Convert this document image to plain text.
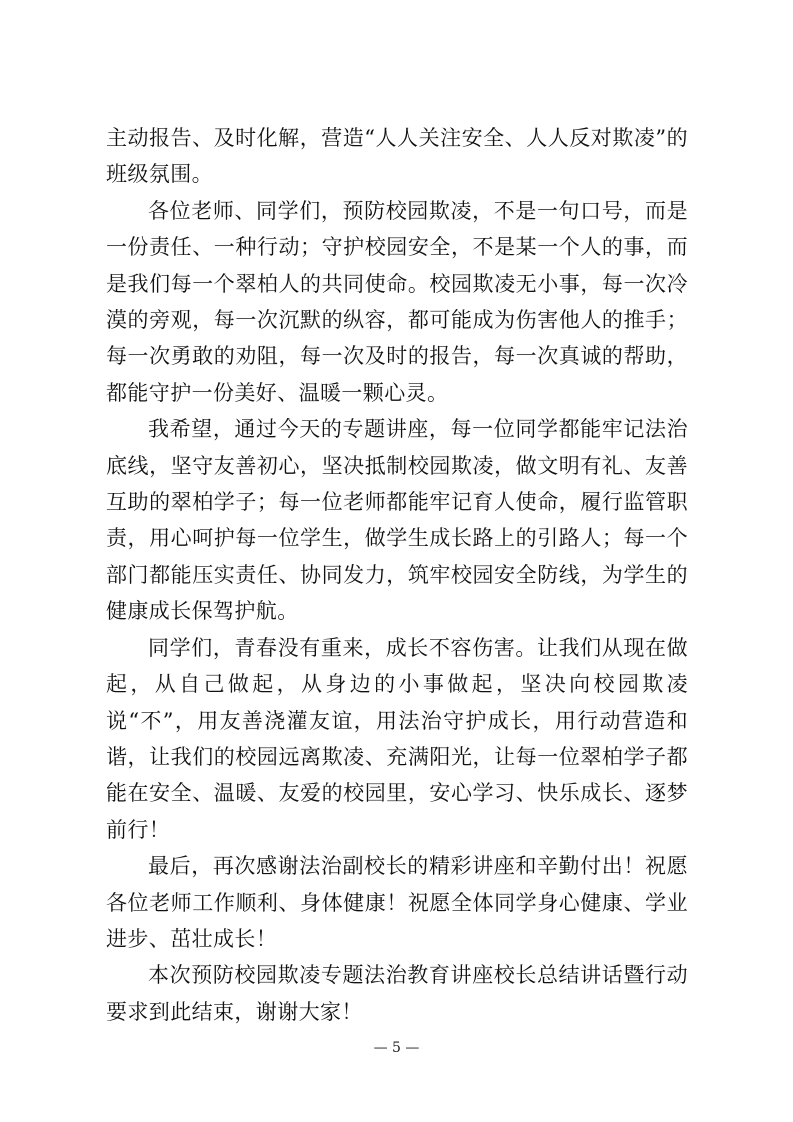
主动报告、及时化解，营造“人人关注安全、人人反对欺凌”的班级氛围。

各位老师、同学们，预防校园欺凌，不是一句口号，而是一份责任、一种行动；守护校园安全，不是某一个人的事，而是我们每一个翠柏人的共同使命。校园欺凌无小事，每一次冷漠的旁观，每一次沉默的纵容，都可能成为伤害他人的推手；每一次勇敢的劝阻，每一次及时的报告，每一次真诚的帮助，都能守护一份美好、温暖一颗心灵。

我希望，通过今天的专题讲座，每一位同学都能牢记法治底线，坚守友善初心，坚决抵制校园欺凌，做文明有礼、友善互助的翠柏学子；每一位老师都能牢记育人使命，履行监管职责，用心呵护每一位学生，做学生成长路上的引路人；每一个部门都能压实责任、协同发力，筑牢校园安全防线，为学生的健康成长保驾护航。

同学们，青春没有重来，成长不容伤害。让我们从现在做起，从自己做起，从身边的小事做起，坚决向校园欺凌说“不”，用友善浇灌友谊，用法治守护成长，用行动营造和谐，让我们的校园远离欺凌、充满阳光，让每一位翠柏学子都能在安全、温暖、友爱的校园里，安心学习、快乐成长、逐梦前行！

最后，再次感谢法治副校长的精彩讲座和辛勤付出！祝愿各位老师工作顺利、身体健康！祝愿全体同学身心健康、学业进步、茁壮成长！

本次预防校园欺凌专题法治教育讲座校长总结讲话暨行动要求到此结束，谢谢大家！

— 5 —
